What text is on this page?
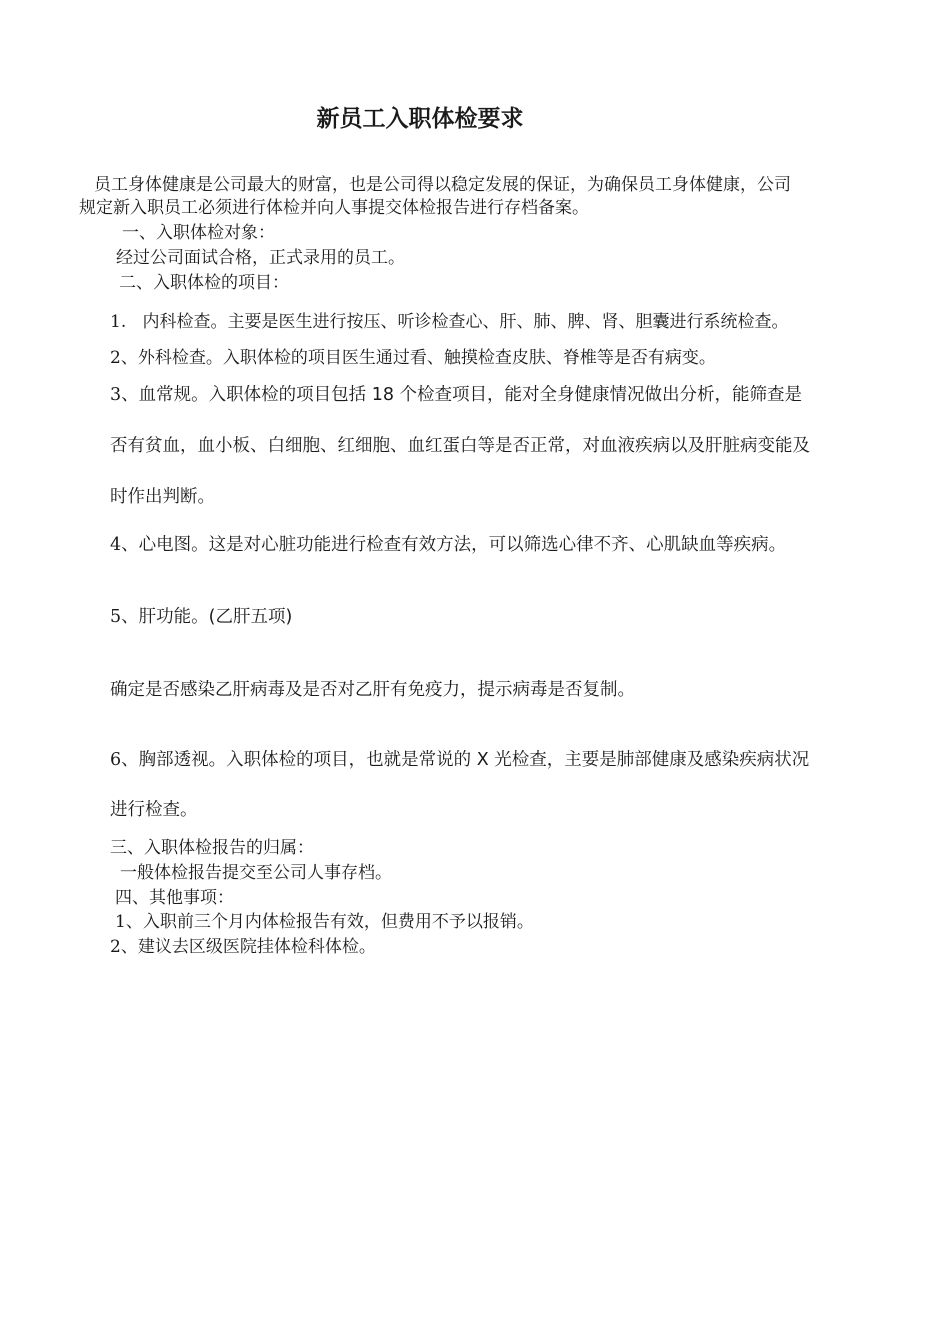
新员工入职体检要求

员工身体健康是公司最大的财富，也是公司得以稳定发展的保证，为确保员工身体健康，公司

规定新入职员工必须进行体检并向人事提交体检报告进行存档备案。

一、入职体检对象：

经过公司面试合格，正式录用的员工。

二、入职体检的项目：

1. 内科检查。主要是医生进行按压、听诊检查心、肝、肺、脾、肾、胆囊进行系统检查。

2、外科检查。入职体检的项目医生通过看、触摸检查皮肤、脊椎等是否有病变。

3、血常规。入职体检的项目包括 18 个检查项目，能对全身健康情况做出分析，能筛查是

否有贫血，血小板、白细胞、红细胞、血红蛋白等是否正常，对血液疾病以及肝脏病变能及

时作出判断。

4、心电图。这是对心脏功能进行检查有效方法，可以筛选心律不齐、心肌缺血等疾病。

5、肝功能。(乙肝五项)

确定是否感染乙肝病毒及是否对乙肝有免疫力，提示病毒是否复制。

6、胸部透视。入职体检的项目，也就是常说的 X 光检查，主要是肺部健康及感染疾病状况

进行检查。

三、入职体检报告的归属：

一般体检报告提交至公司人事存档。

四、其他事项：

1、入职前三个月内体检报告有效，但费用不予以报销。

2、建议去区级医院挂体检科体检。
